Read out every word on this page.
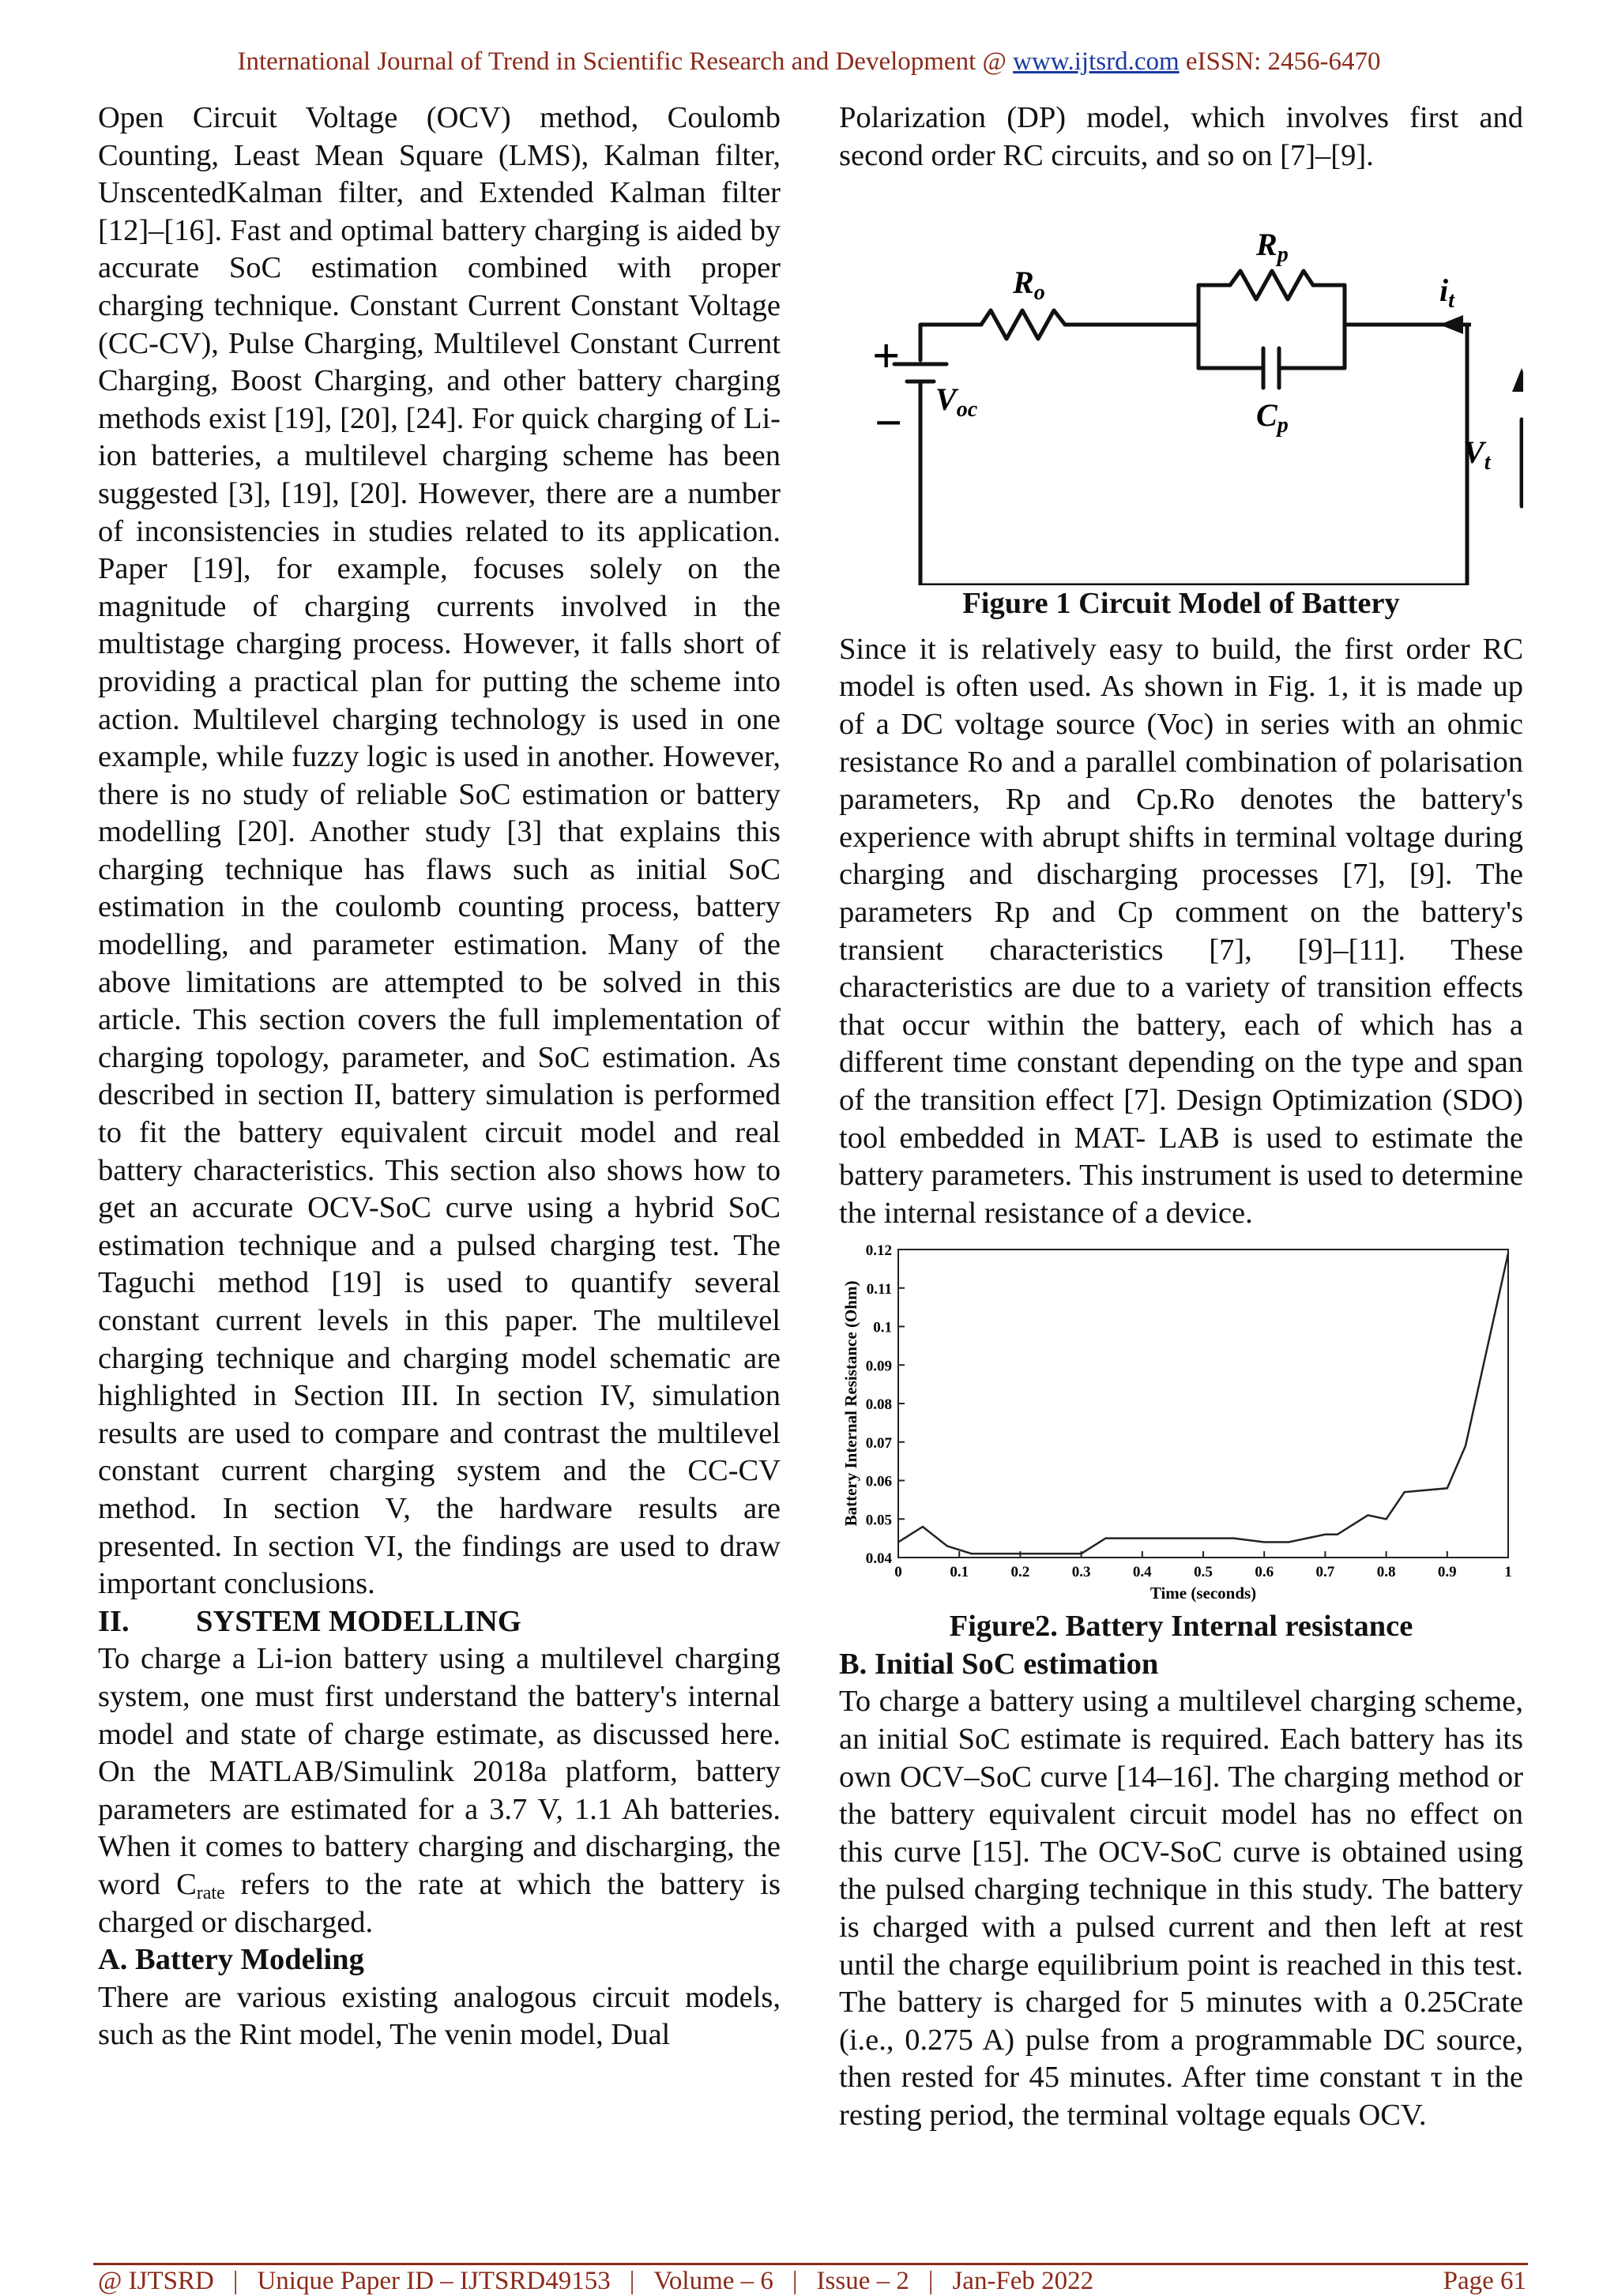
International Journal of Trend in Scientific Research and Development @ www.ijtsrd.com eISSN: 2456-6470

Open Circuit Voltage (OCV) method, Coulomb Counting, Least Mean Square (LMS), Kalman filter, UnscentedKalman filter, and Extended Kalman filter [12]–[16]. Fast and optimal battery charging is aided by accurate SoC estimation combined with proper charging technique. Constant Current Constant Voltage (CC-CV), Pulse Charging, Multilevel Constant Current Charging, Boost Charging, and other battery charging methods exist [19], [20], [24]. For quick charging of Li-ion batteries, a multilevel charging scheme has been suggested [3], [19], [20]. However, there are a number of inconsistencies in studies related to its application. Paper [19], for example, focuses solely on the magnitude of charging currents involved in the multistage charging process. However, it falls short of providing a practical plan for putting the scheme into action. Multilevel charging technology is used in one example, while fuzzy logic is used in another. However, there is no study of reliable SoC estimation or battery modelling [20]. Another study [3] that explains this charging technique has flaws such as initial SoC estimation in the coulomb counting process, battery modelling, and parameter estimation. Many of the above limitations are attempted to be solved in this article. This section covers the full implementation of charging topology, parameter, and SoC estimation. As described in section II, battery simulation is performed to fit the battery equivalent circuit model and real battery characteristics. This section also shows how to get an accurate OCV-SoC curve using a hybrid SoC estimation technique and a pulsed charging test. The Taguchi method [19] is used to quantify several constant current levels in this paper. The multilevel charging technique and charging model schematic are highlighted in Section III. In section IV, simulation results are used to compare and contrast the multilevel constant current charging system and the CC-CV method. In section V, the hardware results are presented. In section VI, the findings are used to draw important conclusions.

II. SYSTEM MODELLING

To charge a Li-ion battery using a multilevel charging system, one must first understand the battery's internal model and state of charge estimate, as discussed here. On the MATLAB/Simulink 2018a platform, battery parameters are estimated for a 3.7 V, 1.1 Ah batteries. When it comes to battery charging and discharging, the word $C_{rate}$ refers to the rate at which the battery is charged or discharged.

A. Battery Modeling

There are various existing analogous circuit models, such as the Rint model, The venin model, Dual

Polarization (DP) model, which involves first and second order RC circuits, and so on [7]–[9].

$R_o$
$R_p$
$C_p$
$V_{oc}$
$i_t$
$V_t$
+
−

Figure 1 Circuit Model of Battery

Since it is relatively easy to build, the first order RC model is often used. As shown in Fig. 1, it is made up of a DC voltage source (Voc) in series with an ohmic resistance Ro and a parallel combination of polarisation parameters, Rp and Cp.Ro denotes the battery's experience with abrupt shifts in terminal voltage during charging and discharging processes [7], [9]. The parameters Rp and Cp comment on the battery's transient characteristics [7], [9]–[11]. These characteristics are due to a variety of transition effects that occur within the battery, each of which has a different time constant depending on the type and span of the transition effect [7]. Design Optimization (SDO) tool embedded in MAT- LAB is used to estimate the battery parameters. This instrument is used to determine the internal resistance of a device.

0.04
0.05
0.06
0.07
0.08
0.09
0.1
0.11
0.12
0	0.1	0.2	0.3	0.4	0.5	0.6	0.7	0.8	0.9	1
Battery Internal Resistance (Ohm)
Time (seconds)

Figure2. Battery Internal resistance

B. Initial SoC estimation

To charge a battery using a multilevel charging scheme, an initial SoC estimate is required. Each battery has its own OCV–SoC curve [14–16]. The charging method or the battery equivalent circuit model has no effect on this curve [15]. The OCV-SoC curve is obtained using the pulsed charging technique in this study. The battery is charged with a pulsed current and then left at rest until the charge equilibrium point is reached in this test. The battery is charged for 5 minutes with a 0.25Crate (i.e., 0.275 A) pulse from a programmable DC source, then rested for 45 minutes. After time constant τ in the resting period, the terminal voltage equals OCV.

@ IJTSRD | Unique Paper ID – IJTSRD49153 | Volume – 6 | Issue – 2 | Jan-Feb 2022	Page 61
